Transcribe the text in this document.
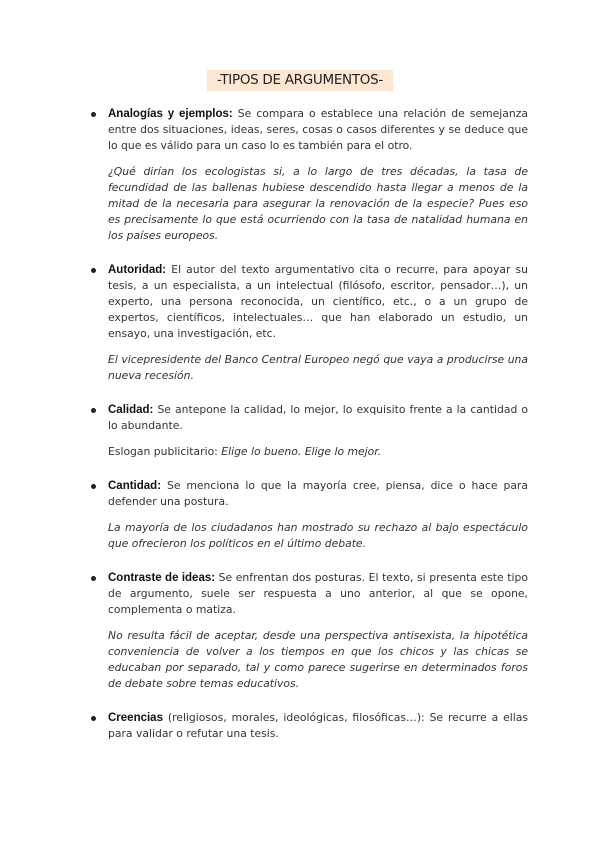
-TIPOS DE ARGUMENTOS-

Analogías y ejemplos: Se compara o establece una relación de semejanza entre dos situaciones, ideas, seres, cosas o casos diferentes y se deduce que lo que es válido para un caso lo es también para el otro.

¿Qué dirían los ecologistas si, a lo largo de tres décadas, la tasa de fecundidad de las ballenas hubiese descendido hasta llegar a menos de la mitad de la necesaria para asegurar la renovación de la especie? Pues eso es precisamente lo que está ocurriendo con la tasa de natalidad humana en los países europeos.

Autoridad: El autor del texto argumentativo cita o recurre, para apoyar su tesis, a un especialista, a un intelectual (filósofo, escritor, pensador…), un experto, una persona reconocida, un científico, etc., o a un grupo de expertos, científicos, intelectuales… que han elaborado un estudio, un ensayo, una investigación, etc.

El vicepresidente del Banco Central Europeo negó que vaya a producirse una nueva recesión.

Calidad: Se antepone la calidad, lo mejor, lo exquisito frente a la cantidad o lo abundante.

Eslogan publicitario: Elige lo bueno. Elige lo mejor.

Cantidad: Se menciona lo que la mayoría cree, piensa, dice o hace para defender una postura.

La mayoría de los ciudadanos han mostrado su rechazo al bajo espectáculo que ofrecieron los políticos en el último debate.

Contraste de ideas: Se enfrentan dos posturas. El texto, si presenta este tipo de argumento, suele ser respuesta a uno anterior, al que se opone, complementa o matiza.

No resulta fácil de aceptar, desde una perspectiva antisexista, la hipotética conveniencia de volver a los tiempos en que los chicos y las chicas se educaban por separado, tal y como parece sugerirse en determinados foros de debate sobre temas educativos.

Creencias (religiosos, morales, ideológicas, filosóficas…): Se recurre a ellas para validar o refutar una tesis.
